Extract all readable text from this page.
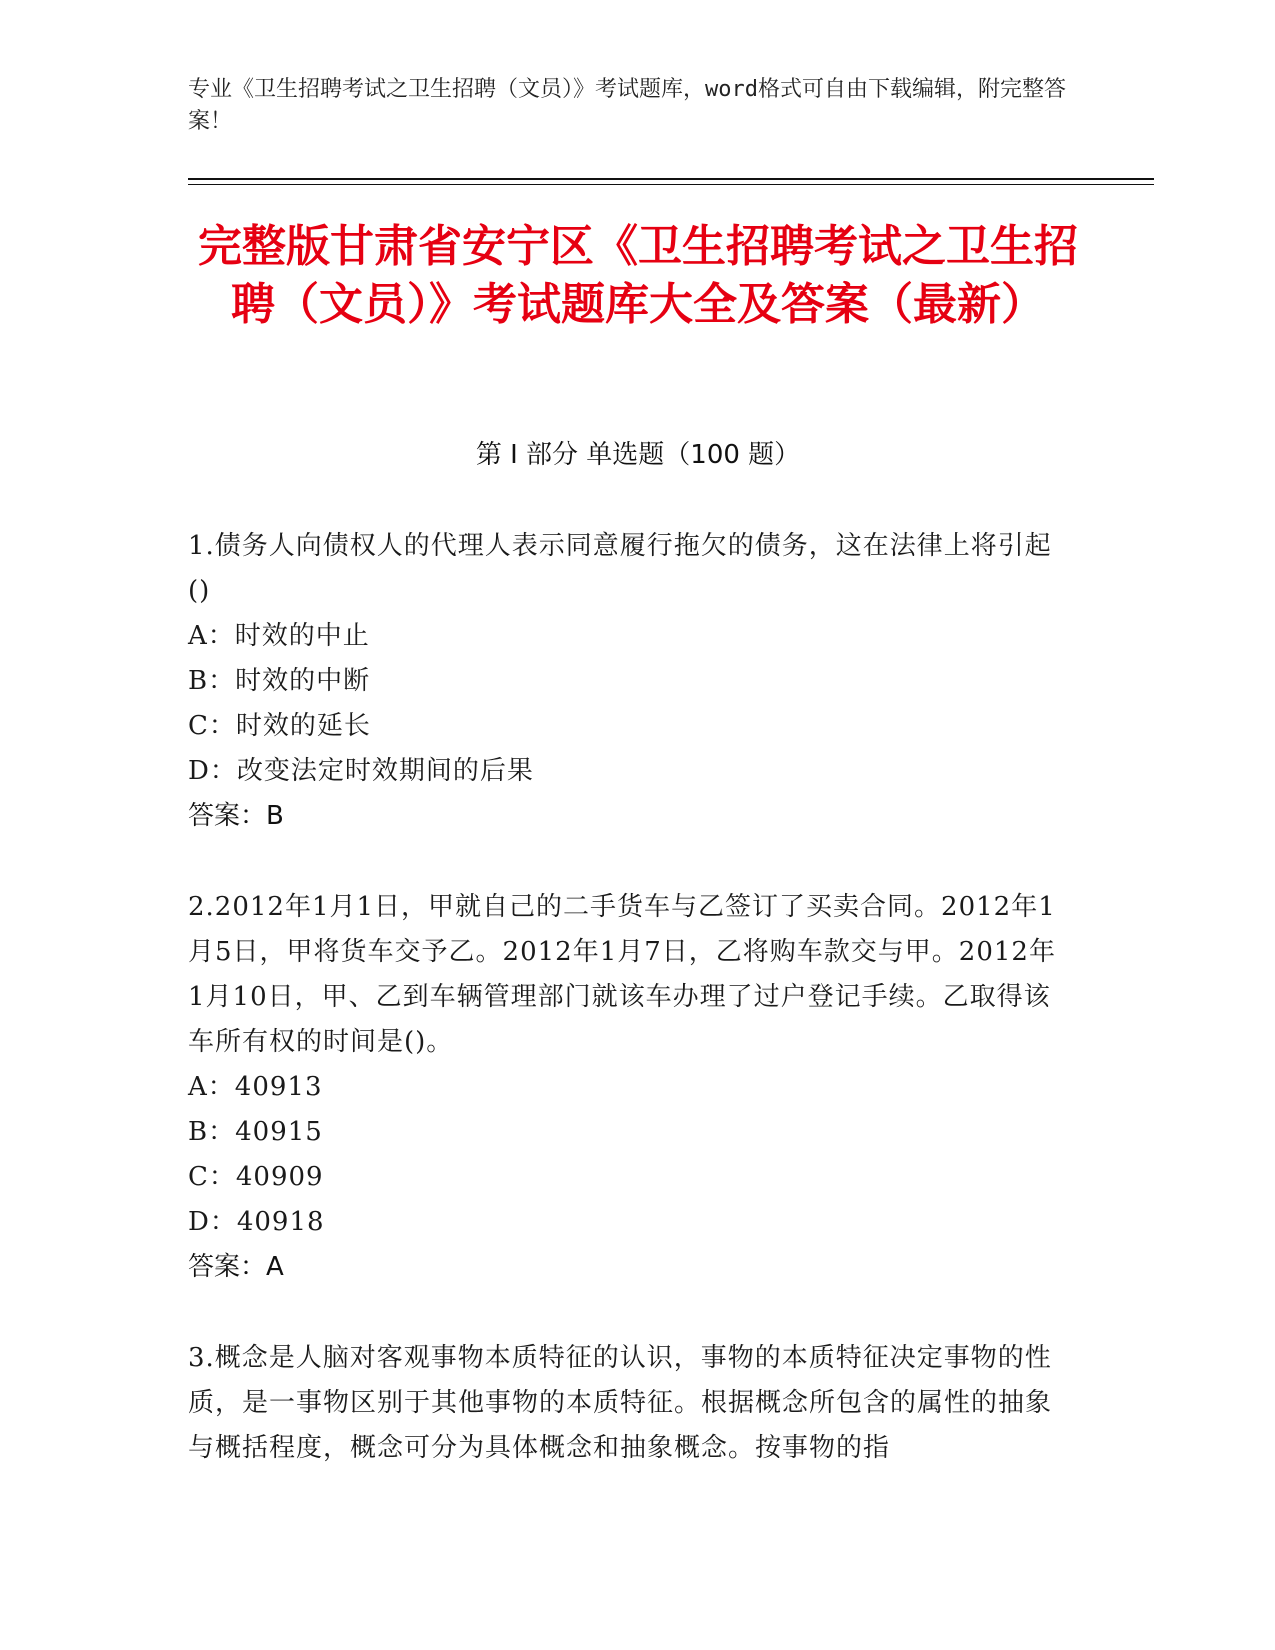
专业《卫生招聘考试之卫生招聘（文员）》考试题库，word格式可自由下载编辑，附完整答案！
完整版甘肃省安宁区《卫生招聘考试之卫生招聘（文员）》考试题库大全及答案（最新）
第 I 部分 单选题（100 题）
1.债务人向债权人的代理人表示同意履行拖欠的债务，这在法律上将引起()
A：时效的中止
B：时效的中断
C：时效的延长
D：改变法定时效期间的后果
答案：B
2.2012年1月1日，甲就自己的二手货车与乙签订了买卖合同。2012年1月5日，甲将货车交予乙。2012年1月7日，乙将购车款交与甲。2012年1月10日，甲、乙到车辆管理部门就该车办理了过户登记手续。乙取得该车所有权的时间是()。
A：40913
B：40915
C：40909
D：40918
答案：A
3.概念是人脑对客观事物本质特征的认识，事物的本质特征决定事物的性质，是一事物区别于其他事物的本质特征。根据概念所包含的属性的抽象与概括程度，概念可分为具体概念和抽象概念。按事物的指
